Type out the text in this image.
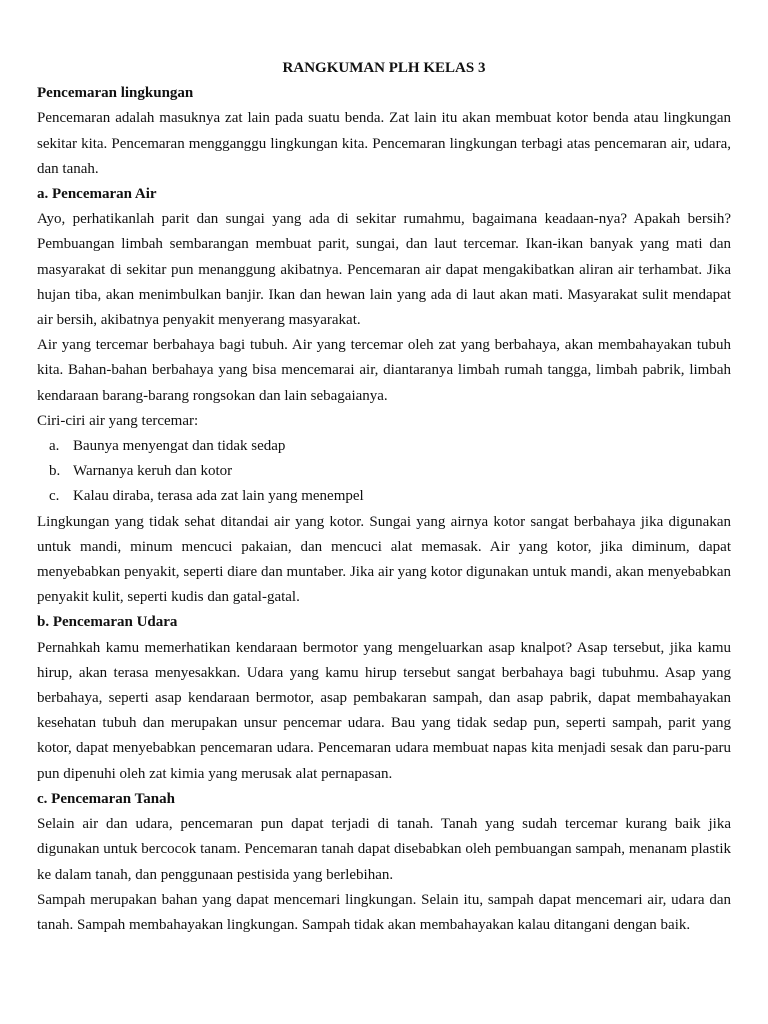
RANGKUMAN PLH KELAS 3
Pencemaran lingkungan

Pencemaran adalah masuknya zat lain pada suatu benda. Zat lain itu akan membuat kotor benda atau lingkungan sekitar kita. Pencemaran mengganggu lingkungan kita. Pencemaran lingkungan terbagi atas pencemaran air, udara, dan tanah.

a. Pencemaran Air

Ayo, perhatikanlah parit dan sungai yang ada di sekitar rumahmu, bagaimana keadaan-nya? Apakah bersih? Pembuangan limbah sembarangan membuat parit, sungai, dan laut tercemar. Ikan-ikan banyak yang mati dan masyarakat di sekitar pun menanggung akibatnya. Pencemaran air dapat mengakibatkan aliran air terhambat. Jika hujan tiba, akan menimbulkan banjir. Ikan dan hewan lain yang ada di laut akan mati. Masyarakat sulit mendapat air bersih, akibatnya penyakit menyerang masyarakat.

Air yang tercemar berbahaya bagi tubuh. Air yang tercemar oleh zat yang berbahaya, akan membahayakan tubuh kita. Bahan-bahan berbahaya yang bisa mencemarai air, diantaranya limbah rumah tangga, limbah pabrik, limbah kendaraan barang-barang rongsokan dan lain sebagaianya.

Ciri-ciri air yang tercemar:

a. Baunya menyengat dan tidak sedap
b. Warnanya keruh dan kotor
c. Kalau diraba, terasa ada zat lain yang menempel

Lingkungan yang tidak sehat ditandai air yang kotor. Sungai yang airnya kotor sangat berbahaya jika digunakan untuk mandi, minum mencuci pakaian, dan mencuci alat memasak. Air yang kotor, jika diminum, dapat menyebabkan penyakit, seperti diare dan muntaber. Jika air yang kotor digunakan untuk mandi, akan menyebabkan penyakit kulit, seperti kudis dan gatal-gatal.

b. Pencemaran Udara

Pernahkah kamu memerhatikan kendaraan bermotor yang mengeluarkan asap knalpot? Asap tersebut, jika kamu hirup, akan terasa menyesakkan. Udara yang kamu hirup tersebut sangat berbahaya bagi tubuhmu. Asap yang berbahaya, seperti asap kendaraan bermotor, asap pembakaran sampah, dan asap pabrik, dapat membahayakan kesehatan tubuh dan merupakan unsur pencemar udara. Bau yang tidak sedap pun, seperti sampah, parit yang kotor, dapat menyebabkan pencemaran udara. Pencemaran udara membuat napas kita menjadi sesak dan paru-paru pun dipenuhi oleh zat kimia yang merusak alat pernapasan.

c. Pencemaran Tanah

Selain air dan udara, pencemaran pun dapat terjadi di tanah. Tanah yang sudah tercemar kurang baik jika digunakan untuk bercocok tanam. Pencemaran tanah dapat disebabkan oleh pembuangan sampah, menanam plastik ke dalam tanah, dan penggunaan pestisida yang berlebihan.

Sampah merupakan bahan yang dapat mencemari lingkungan. Selain itu, sampah dapat mencemari air, udara dan tanah. Sampah membahayakan lingkungan. Sampah tidak akan membahayakan kalau ditangani dengan baik.
